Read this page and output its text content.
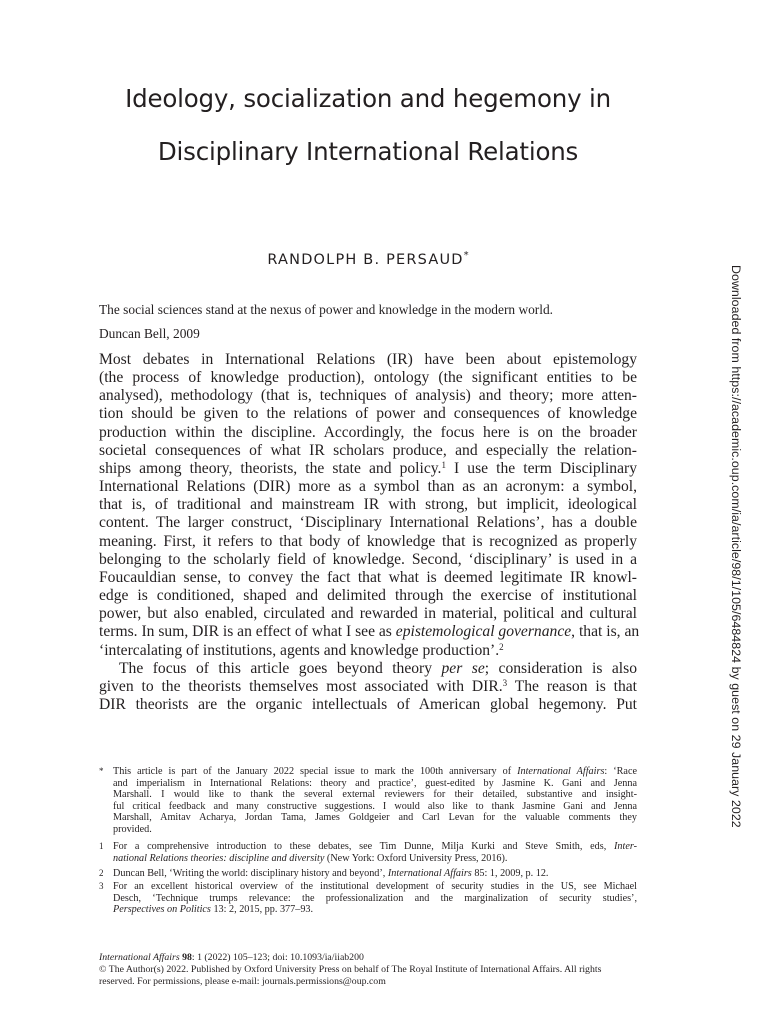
Ideology, socialization and hegemony in
Disciplinary International Relations
RANDOLPH B. PERSAUD*
The social sciences stand at the nexus of power and knowledge in the modern world.
Duncan Bell, 2009
Most debates in International Relations (IR) have been about epistemology
(the process of knowledge production), ontology (the significant entities to be
analysed), methodology (that is, techniques of analysis) and theory; more atten-
tion should be given to the relations of power and consequences of knowledge
production within the discipline. Accordingly, the focus here is on the broader
societal consequences of what IR scholars produce, and especially the relation-
ships among theory, theorists, the state and policy.$^1$ I use the term Disciplinary
International Relations (DIR) more as a symbol than as an acronym: a symbol,
that is, of traditional and mainstream IR with strong, but implicit, ideological
content. The larger construct, ‘Disciplinary International Relations’, has a double
meaning. First, it refers to that body of knowledge that is recognized as properly
belonging to the scholarly field of knowledge. Second, ‘disciplinary’ is used in a
Foucauldian sense, to convey the fact that what is deemed legitimate IR knowl-
edge is conditioned, shaped and delimited through the exercise of institutional
power, but also enabled, circulated and rewarded in material, political and cultural
terms. In sum, DIR is an effect of what I see as epistemological governance, that is, an
‘intercalating of institutions, agents and knowledge production’.$^2$
The focus of this article goes beyond theory per se; consideration is also
given to the theorists themselves most associated with DIR.$^3$ The reason is that
DIR theorists are the organic intellectuals of American global hegemony. Put
* This article is part of the January 2022 special issue to mark the 100th anniversary of International Affairs: ‘Race
and imperialism in International Relations: theory and practice’, guest-edited by Jasmine K. Gani and Jenna
Marshall. I would like to thank the several external reviewers for their detailed, substantive and insight-
ful critical feedback and many constructive suggestions. I would also like to thank Jasmine Gani and Jenna
Marshall, Amitav Acharya, Jordan Tama, James Goldgeier and Carl Levan for the valuable comments they
provided.
1 For a comprehensive introduction to these debates, see Tim Dunne, Milja Kurki and Steve Smith, eds, Inter-
national Relations theories: discipline and diversity (New York: Oxford University Press, 2016).
2 Duncan Bell, ‘Writing the world: disciplinary history and beyond’, International Affairs 85: 1, 2009, p. 12.
3 For an excellent historical overview of the institutional development of security studies in the US, see Michael
Desch, ‘Technique trumps relevance: the professionalization and the marginalization of security studies’,
Perspectives on Politics 13: 2, 2015, pp. 377–93.
International Affairs 98: 1 (2022) 105–123; doi: 10.1093/ia/iiab200
© The Author(s) 2022. Published by Oxford University Press on behalf of The Royal Institute of International Affairs. All rights
reserved. For permissions, please e-mail: journals.permissions@oup.com
Downloaded from https://academic.oup.com/ia/article/98/1/105/6484824 by guest on 29 January 2022
